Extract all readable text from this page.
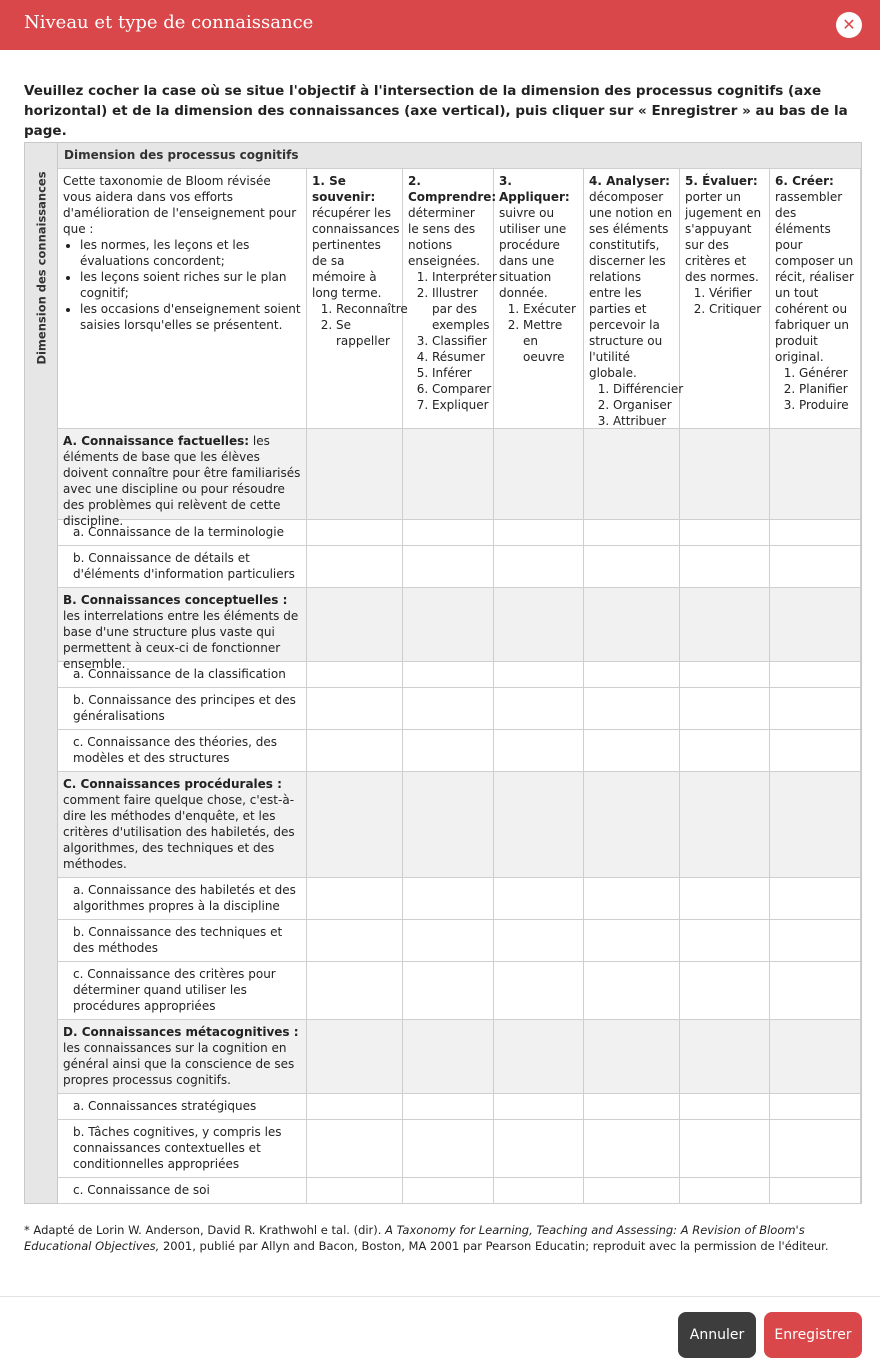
Niveau et type de connaissance	✕
Veuillez cocher la case où se situe l'objectif à l'intersection de la dimension des processus cognitifs (axe horizontal) et de la dimension des connaissances (axe vertical), puis cliquer sur « Enregistrer » au bas de la page.
Dimension des connaissances
Dimension des processus cognitifs
Cette taxonomie de Bloom révisée vous aidera dans vos efforts d'amélioration de l'enseignement pour que :
• les normes, les leçons et les évaluations concordent;
• les leçons soient riches sur le plan cognitif;
• les occasions d'enseignement soient saisies lorsqu'elles se présentent.
1. Se souvenir: récupérer les connaissances pertinentes de sa mémoire à long terme.
1. Reconnaître
2. Se rappeller
2. Comprendre: déterminer le sens des notions enseignées.
1. Interpréter
2. Illustrer par des exemples
3. Classifier
4. Résumer
5. Inférer
6. Comparer
7. Expliquer
3. Appliquer: suivre ou utiliser une procédure dans une situation donnée.
1. Exécuter
2. Mettre en oeuvre
4. Analyser: décomposer une notion en ses éléments constitutifs, discerner les relations entre les parties et percevoir la structure ou l'utilité globale.
1. Différencier
2. Organiser
3. Attribuer
5. Évaluer: porter un jugement en s'appuyant sur des critères et des normes.
1. Vérifier
2. Critiquer
6. Créer: rassembler des éléments pour composer un récit, réaliser un tout cohérent ou fabriquer un produit original.
1. Générer
2. Planifier
3. Produire
A. Connaissance factuelles: les éléments de base que les élèves doivent connaître pour être familiarisés avec une discipline ou pour résoudre des problèmes qui relèvent de cette discipline.
a. Connaissance de la terminologie
b. Connaissance de détails et d'éléments d'information particuliers
B. Connaissances conceptuelles : les interrelations entre les éléments de base d'une structure plus vaste qui permettent à ceux-ci de fonctionner ensemble.
a. Connaissance de la classification
b. Connaissance des principes et des généralisations
c. Connaissance des théories, des modèles et des structures
C. Connaissances procédurales : comment faire quelque chose, c'est-à-dire les méthodes d'enquête, et les critères d'utilisation des habiletés, des algorithmes, des techniques et des méthodes.
a. Connaissance des habiletés et des algorithmes propres à la discipline
b. Connaissance des techniques et des méthodes
c. Connaissance des critères pour déterminer quand utiliser les procédures appropriées
D. Connaissances métacognitives : les connaissances sur la cognition en général ainsi que la conscience de ses propres processus cognitifs.
a. Connaissances stratégiques
b. Tâches cognitives, y compris les connaissances contextuelles et conditionnelles appropriées
c. Connaissance de soi
* Adapté de Lorin W. Anderson, David R. Krathwohl e tal. (dir). A Taxonomy for Learning, Teaching and Assessing: A Revision of Bloom's Educational Objectives, 2001, publié par Allyn and Bacon, Boston, MA 2001 par Pearson Educatin; reproduit avec la permission de l'éditeur.
Annuler	Enregistrer
